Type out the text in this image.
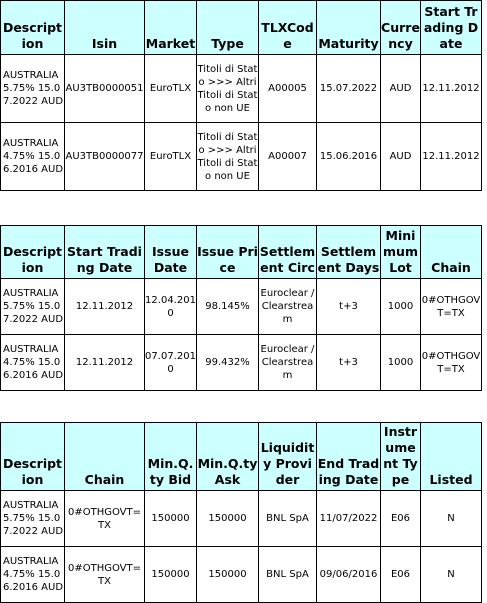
Description	Isin	Market	Type	TLXCode	Maturity	Currency	Start Trading Date
AUSTRALIA 5.75% 15.07.2022 AUD	AU3TB0000051	EuroTLX	Titoli di Stato >>> Altri Titoli di Stato non UE	A00005	15.07.2022	AUD	12.11.2012
AUSTRALIA 4.75% 15.06.2016 AUD	AU3TB0000077	EuroTLX	Titoli di Stato >>> Altri Titoli di Stato non UE	A00007	15.06.2016	AUD	12.11.2012
Description	Start Trading Date	Issue Date	Issue Price	Settlement Circ	Settlement Days	Minimum Lot	Chain
AUSTRALIA 5.75% 15.07.2022 AUD	12.11.2012	12.04.2010	98.145%	Euroclear / Clearstream	t+3	1000	0#OTHGOVT=TX
AUSTRALIA 4.75% 15.06.2016 AUD	12.11.2012	07.07.2010	99.432%	Euroclear / Clearstream	t+3	1000	0#OTHGOVT=TX
Description	Chain	Min.Q.ty Bid	Min.Q.ty Ask	Liquidity Provider	End Trading Date	Instrument Type	Listed
AUSTRALIA 5.75% 15.07.2022 AUD	0#OTHGOVT=TX	150000	150000	BNL SpA	11/07/2022	E06	N
AUSTRALIA 4.75% 15.06.2016 AUD	0#OTHGOVT=TX	150000	150000	BNL SpA	09/06/2016	E06	N
